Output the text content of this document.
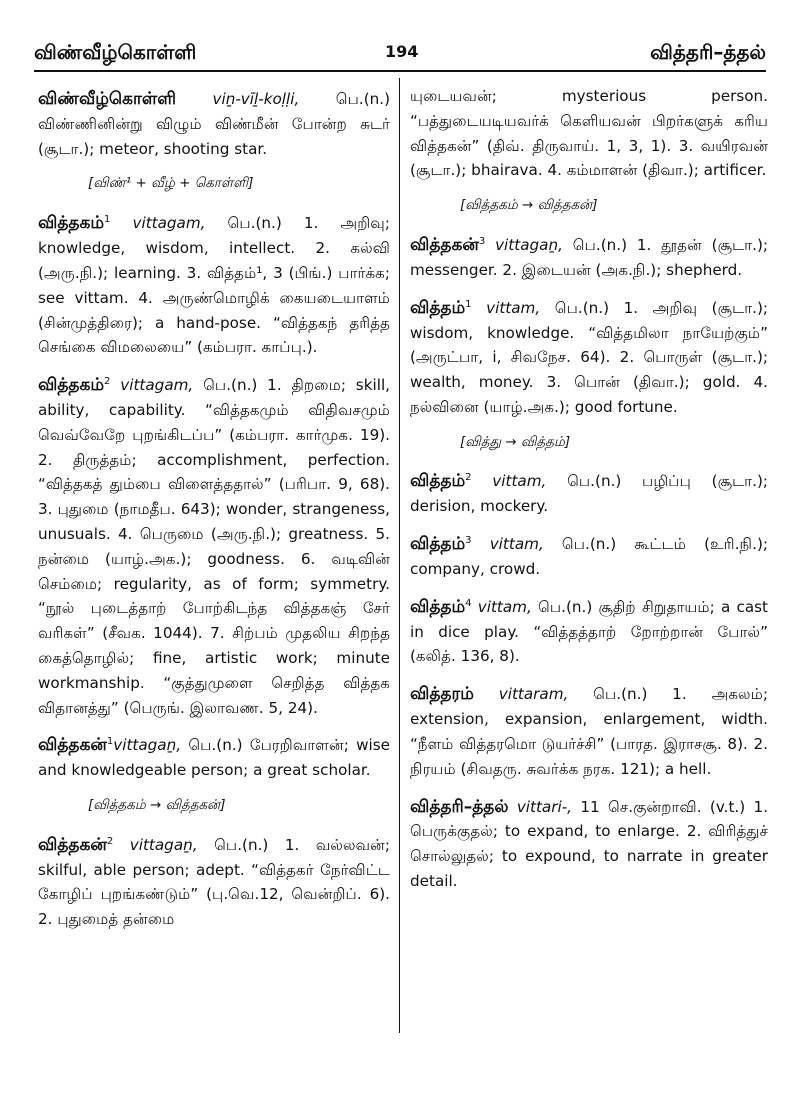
விண்வீழ்கொள்ளி	194	வித்தரி–த்தல்
விண்வீழ்கொள்ளி viṉ-vīḻ-koḷḷi, பெ.(n.) விண்ணினின்று விழும் விண்மீன் போன்ற சுடர் (சூடா.); meteor, shooting star.
[விண்¹ + வீழ் + கொள்ளி]
வித்தகம்$^1$ vittagam, பெ.(n.) 1. அறிவு; knowledge, wisdom, intellect. 2. கல்வி (அரு.நி.); learning. 3. வித்தம்¹, 3 (பிங்.) பார்க்க; see vittam. 4. அருண்மொழிக் கையடையாளம் (சின்முத்திரை); a hand-pose. “வித்தகந் தரித்த செங்கை விமலையை” (கம்பரா. காப்பு.).
வித்தகம்$^2$ vittagam, பெ.(n.) 1. திறமை; skill, ability, capability. “வித்தகமும் விதிவசமும் வெவ்வேறே புறங்கிடப்ப” (கம்பரா. கார்முக. 19). 2. திருத்தம்; accomplishment, perfection. “வித்தகத் தும்பை விளைத்ததால்” (பரிபா. 9, 68). 3. புதுமை (நாமதீப. 643); wonder, strangeness, unusuals. 4. பெருமை (அரு.நி.); greatness. 5. நன்மை (யாழ்.அக.); goodness. 6. வடிவின் செம்மை; regularity, as of form; symmetry. “நூல் புடைத்தாற் போற்கிடந்த வித்தகஞ் சேர் வரிகள்” (சீவக. 1044). 7. சிற்பம் முதலிய சிறந்த கைத்தொழில்; fine, artistic work; minute workmanship. “குத்துமுளை செறித்த வித்தக விதானத்து” (பெருங். இலாவண. 5, 24).
வித்தகன்$^1$vittagaṉ, பெ.(n.) பேரறிவாளன்; wise and knowledgeable person; a great scholar.
[வித்தகம் → வித்தகன்]
வித்தகன்$^2$ vittagaṉ, பெ.(n.) 1. வல்லவன்; skilful, able person; adept. “வித்தகர் நேர்விட்ட கோழிப் புறங்கண்டும்” (பு.வெ.12, வென்றிப். 6). 2. புதுமைத் தன்மை
யுடையவன்; mysterious person. “பத்துடையடியவர்க் கெளியவன் பிறர்களுக் கரிய வித்தகன்” (திவ். திருவாய். 1, 3, 1). 3. வயிரவன் (சூடா.); bhairava. 4. கம்மாளன் (திவா.); artificer.
[வித்தகம் → வித்தகன்]
வித்தகன்$^3$ vittagaṉ, பெ.(n.) 1. தூதன் (சூடா.); messenger. 2. இடையன் (அக.நி.); shepherd.
வித்தம்$^1$ vittam, பெ.(n.) 1. அறிவு (சூடா.); wisdom, knowledge. “வித்தமிலா நாயேற்கும்” (அருட்பா, i, சிவநேச. 64). 2. பொருள் (சூடா.); wealth, money. 3. பொன் (திவா.); gold. 4. நல்வினை (யாழ்.அக.); good fortune.
[வித்து → வித்தம்]
வித்தம்$^2$ vittam, பெ.(n.) பழிப்பு (சூடா.); derision, mockery.
வித்தம்$^3$ vittam, பெ.(n.) கூட்டம் (உரி.நி.); company, crowd.
வித்தம்$^4$ vittam, பெ.(n.) சூதிற் சிறுதாயம்; a cast in dice play. “வித்தத்தாற் றோற்றான் போல்” (கலித். 136, 8).
வித்தரம் vittaram, பெ.(n.) 1. அகலம்; extension, expansion, enlargement, width. “நீளம் வித்தரமொ டுயர்ச்சி” (பாரத. இராசசூ. 8). 2. நிரயம் (சிவதரு. சுவர்க்க நரக. 121); a hell.
வித்தரி–த்தல் vittari-, 11 செ.குன்றாவி. (v.t.) 1. பெருக்குதல்; to expand, to enlarge. 2. விரித்துச் சொல்லுதல்; to expound, to narrate in greater detail.
